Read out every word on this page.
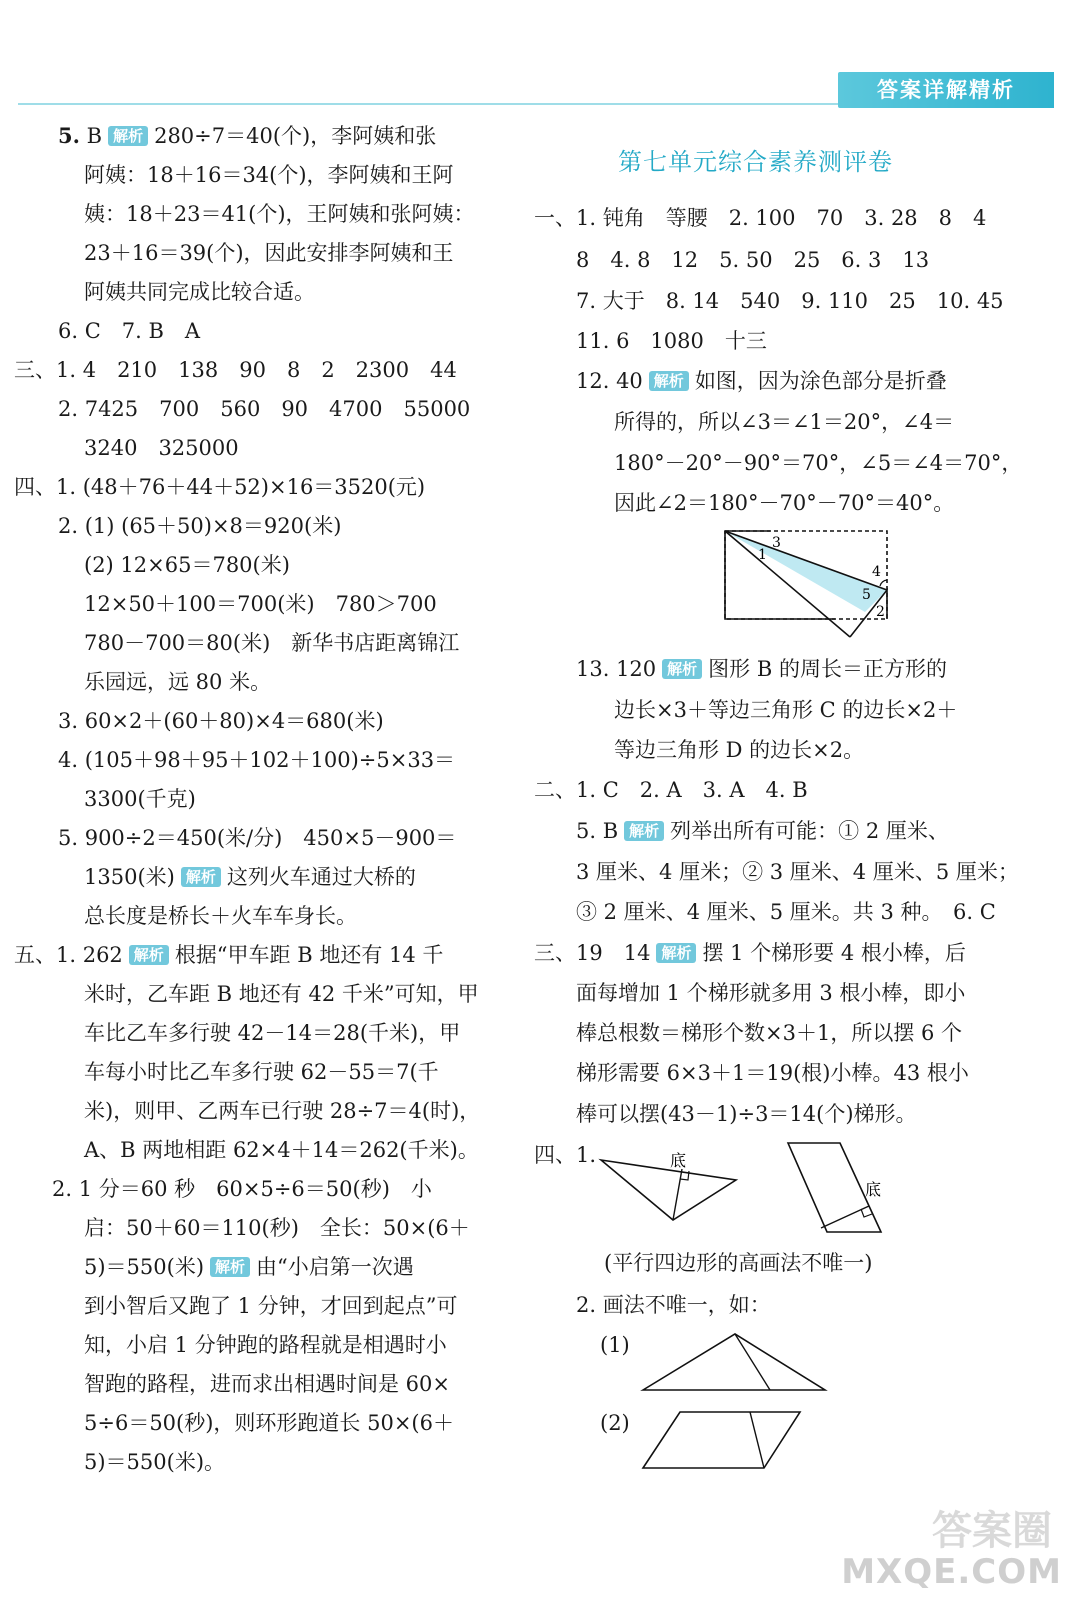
答案详解精析
第七单元综合素养测评卷
5. B 解析 280÷7＝40(个)，李阿姨和张
阿姨：18＋16＝34(个)，李阿姨和王阿
姨：18＋23＝41(个)，王阿姨和张阿姨：
23＋16＝39(个)，因此安排李阿姨和王
阿姨共同完成比较合适。
6. C　7. B　A
三、1. 4　210　138　90　8　2　2300　44
2. 7425　700　560　90　4700　55000
3240　325000
四、1. (48＋76＋44＋52)×16＝3520(元)
2. (1) (65＋50)×8＝920(米)
(2) 12×65＝780(米)
12×50＋100＝700(米)　780＞700
780－700＝80(米)　新华书店距离锦江
乐园远，远 80 米。
3. 60×2＋(60＋80)×4＝680(米)
4. (105＋98＋95＋102＋100)÷5×33＝
3300(千克)
5. 900÷2＝450(米/分)　450×5－900＝
1350(米) 解析 这列火车通过大桥的
总长度是桥长＋火车车身长。
五、1. 262 解析 根据“甲车距 B 地还有 14 千
米时，乙车距 B 地还有 42 千米”可知，甲
车比乙车多行驶 42－14＝28(千米)，甲
车每小时比乙车多行驶 62－55＝7(千
米)，则甲、乙两车已行驶 28÷7＝4(时)，
A、B 两地相距 62×4＋14＝262(千米)。
2. 1 分＝60 秒　60×5÷6＝50(秒)　小
启：50＋60＝110(秒)　全长：50×(6＋
5)＝550(米) 解析 由“小启第一次遇
到小智后又跑了 1 分钟，才回到起点”可
知，小启 1 分钟跑的路程就是相遇时小
智跑的路程，进而求出相遇时间是 60×
5÷6＝50(秒)，则环形跑道长 50×(6＋
5)＝550(米)。
一、1. 钝角　等腰　2. 100　70　3. 28　8　4
8　4. 8　12　5. 50　25　6. 3　13
7. 大于　8. 14　540　9. 110　25　10. 45
11. 6　1080　十三
12. 40 解析 如图，因为涂色部分是折叠
所得的，所以∠3＝∠1＝20°，∠4＝
180°－20°－90°＝70°，∠5＝∠4＝70°，
因此∠2＝180°－70°－70°＝40°。
13. 120 解析 图形 B 的周长＝正方形的
边长×3＋等边三角形 C 的边长×2＋
等边三角形 D 的边长×2。
二、1. C　2. A　3. A　4. B
5. B 解析 列举出所有可能：① 2 厘米、
3 厘米、4 厘米；② 3 厘米、4 厘米、5 厘米；
③ 2 厘米、4 厘米、5 厘米。共 3 种。　6. C
三、19　14 解析 摆 1 个梯形要 4 根小棒，后
面每增加 1 个梯形就多用 3 根小棒，即小
棒总根数＝梯形个数×3＋1，所以摆 6 个
梯形需要 6×3＋1＝19(根)小棒。43 根小
棒可以摆(43－1)÷3＝14(个)梯形。
四、1.
(平行四边形的高画法不唯一)
2. 画法不唯一，如：
(1)
(2)
3
1
4
5
2
底
底
答案圈
MXQE.COM
